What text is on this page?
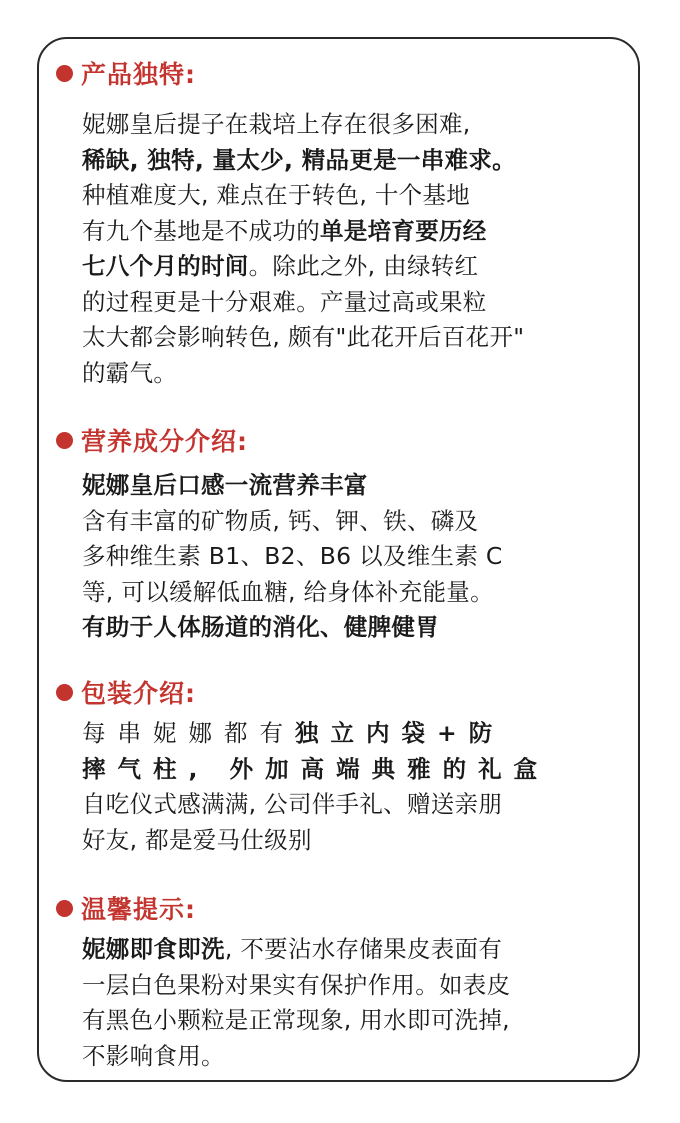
产品独特:

妮娜皇后提子在栽培上存在很多困难,

稀缺, 独特, 量太少, 精品更是一串难求。

种植难度大, 难点在于转色, 十个基地

有九个基地是不成功的单是培育要历经

七八个月的时间。除此之外, 由绿转红

的过程更是十分艰难。产量过高或果粒

太大都会影响转色, 颇有"此花开后百花开"

的霸气。

营养成分介绍:

妮娜皇后口感一流营养丰富

含有丰富的矿物质, 钙、钾、铁、磷及

多种维生素 B1、B2、B6 以及维生素 C

等, 可以缓解低血糖, 给身体补充能量。

有助于人体肠道的消化、健脾健胃

包装介绍:

每串妮娜都有独立内袋+防

摔气柱, 外加高端典雅的礼盒

自吃仪式感满满, 公司伴手礼、赠送亲朋

好友, 都是爱马仕级别

温馨提示:

妮娜即食即洗, 不要沾水存储果皮表面有

一层白色果粉对果实有保护作用。如表皮

有黑色小颗粒是正常现象, 用水即可洗掉,

不影响食用。
